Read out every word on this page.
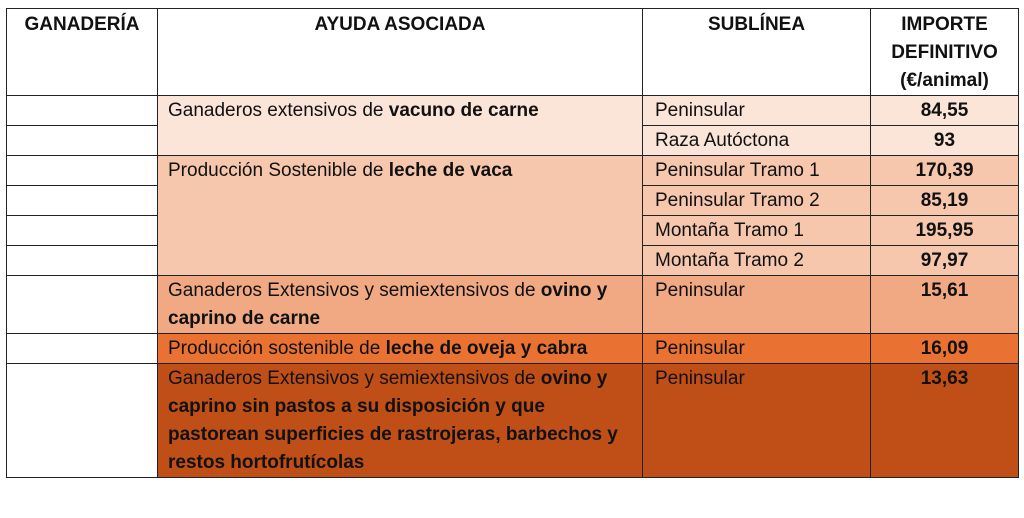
GANADERÍA	AYUDA ASOCIADA	SUBLÍNEA	IMPORTE
DEFINITIVO
(€/animal)
	Ganaderos extensivos de vacuno de carne	Peninsular	84,55
		Raza Autóctona	93
	Producción Sostenible de leche de vaca	Peninsular Tramo 1	170,39
		Peninsular Tramo 2	85,19
		Montaña Tramo 1	195,95
		Montaña Tramo 2	97,97
	Ganaderos Extensivos y semiextensivos de ovino y caprino de carne	Peninsular	15,61
	Producción sostenible de leche de oveja y cabra	Peninsular	16,09
	Ganaderos Extensivos y semiextensivos de ovino y caprino sin pastos a su disposición y que pastorean superficies de rastrojeras, barbechos y restos hortofrutícolas	Peninsular	13,63
